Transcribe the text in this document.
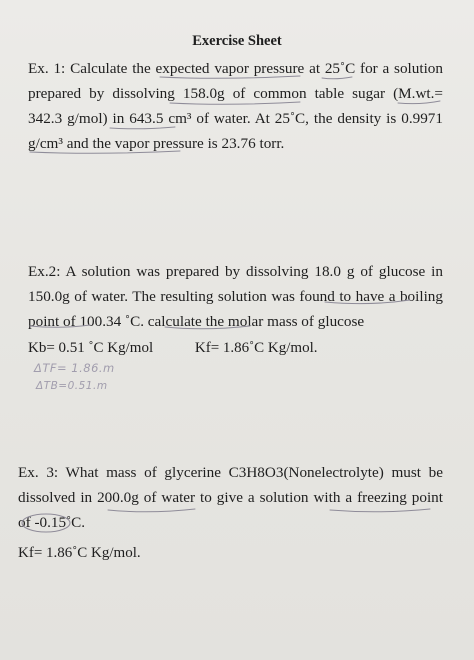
Exercise Sheet

Ex. 1: Calculate the expected vapor pressure at 25˚C for a solution prepared by dissolving 158.0g of common table sugar (M.wt.= 342.3 g/mol) in 643.5 cm³ of water. At 25˚C, the density is 0.9971 g/cm³ and the vapor pressure is 23.76 torr.

Ex.2: A solution was prepared by dissolving 18.0 g of glucose in 150.0g of water. The resulting solution was found to have a boiling point of 100.34 ˚C. calculate the molar mass of glucose

Kb= 0.51 ˚C Kg/mol	Kf= 1.86˚C Kg/mol.
ΔTF= 1.86.m
ΔTB=0.51.m

Ex. 3: What mass of glycerine C3H8O3(Nonelectrolyte) must be dissolved in 200.0g of water to give a solution with a freezing point of -0.15˚C.

Kf= 1.86˚C Kg/mol.
